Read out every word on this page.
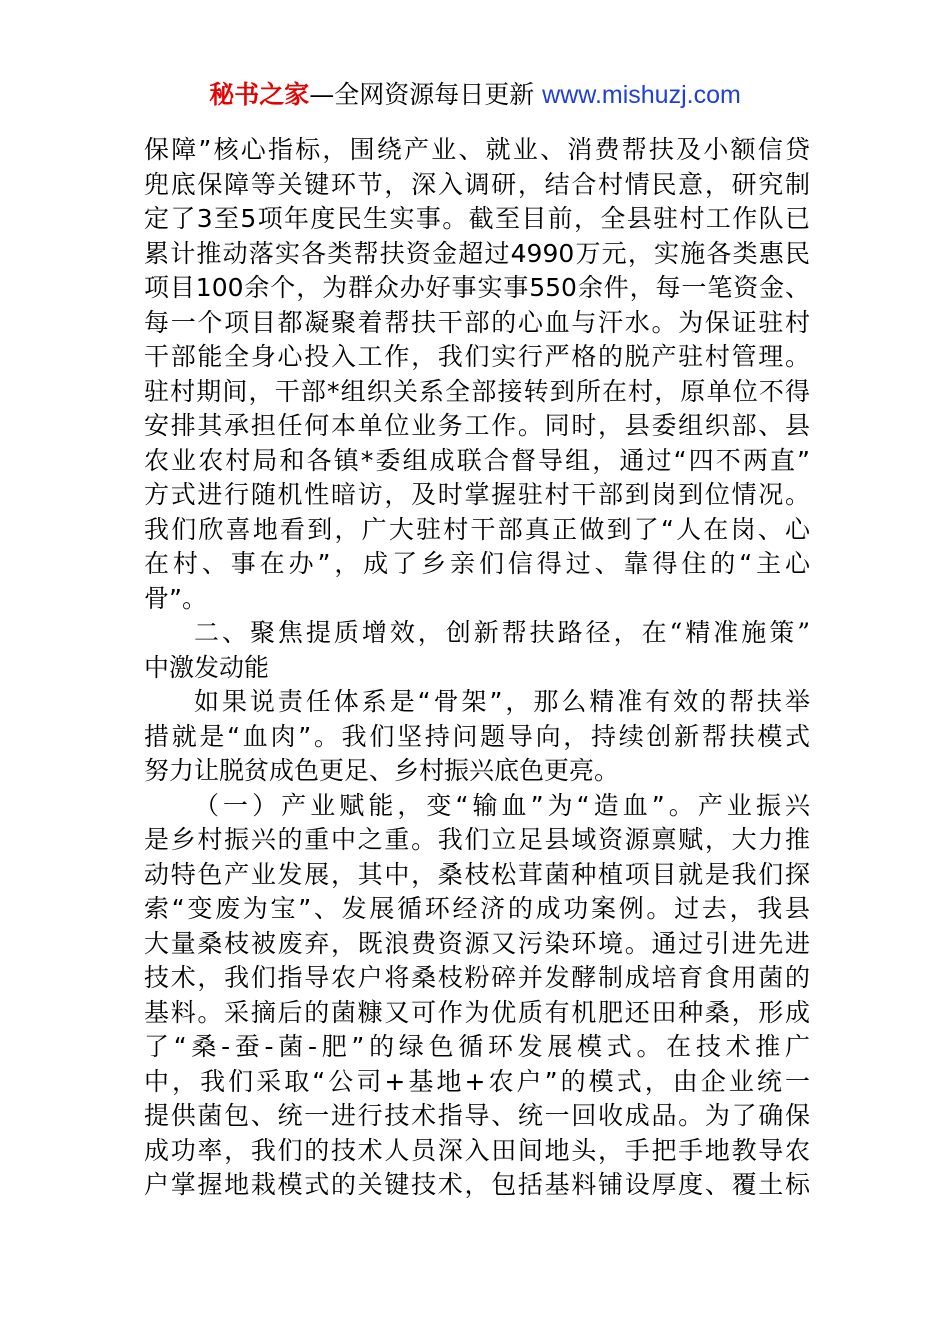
秘书之家—全网资源每日更新 www.mishuzj.com
保障”核心指标，围绕产业、就业、消费帮扶及小额信贷
兜底保障等关键环节，深入调研，结合村情民意，研究制
定了3至5项年度民生实事。截至目前，全县驻村工作队已
累计推动落实各类帮扶资金超过4990万元，实施各类惠民
项目100余个，为群众办好事实事550余件，每一笔资金、
每一个项目都凝聚着帮扶干部的心血与汗水。为保证驻村
干部能全身心投入工作，我们实行严格的脱产驻村管理。
驻村期间，干部*组织关系全部接转到所在村，原单位不得
安排其承担任何本单位业务工作。同时，县委组织部、县
农业农村局和各镇*委组成联合督导组，通过“四不两直”
方式进行随机性暗访，及时掌握驻村干部到岗到位情况。
我们欣喜地看到，广大驻村干部真正做到了“人在岗、心
在村、事在办”，成了乡亲们信得过、靠得住的“主心
骨”。
二、聚焦提质增效，创新帮扶路径，在“精准施策”
中激发动能
如果说责任体系是“骨架”，那么精准有效的帮扶举
措就是“血肉”。我们坚持问题导向，持续创新帮扶模式
努力让脱贫成色更足、乡村振兴底色更亮。
（一）产业赋能，变“输血”为“造血”。产业振兴
是乡村振兴的重中之重。我们立足县域资源禀赋，大力推
动特色产业发展，其中，桑枝松茸菌种植项目就是我们探
索“变废为宝”、发展循环经济的成功案例。过去，我县
大量桑枝被废弃，既浪费资源又污染环境。通过引进先进
技术，我们指导农户将桑枝粉碎并发酵制成培育食用菌的
基料。采摘后的菌糠又可作为优质有机肥还田种桑，形成
了“桑-蚕-菌-肥”的绿色循环发展模式。在技术推广
中，我们采取“公司+基地+农户”的模式，由企业统一
提供菌包、统一进行技术指导、统一回收成品。为了确保
成功率，我们的技术人员深入田间地头，手把手地教导农
户掌握地栽模式的关键技术，包括基料铺设厚度、覆土标
